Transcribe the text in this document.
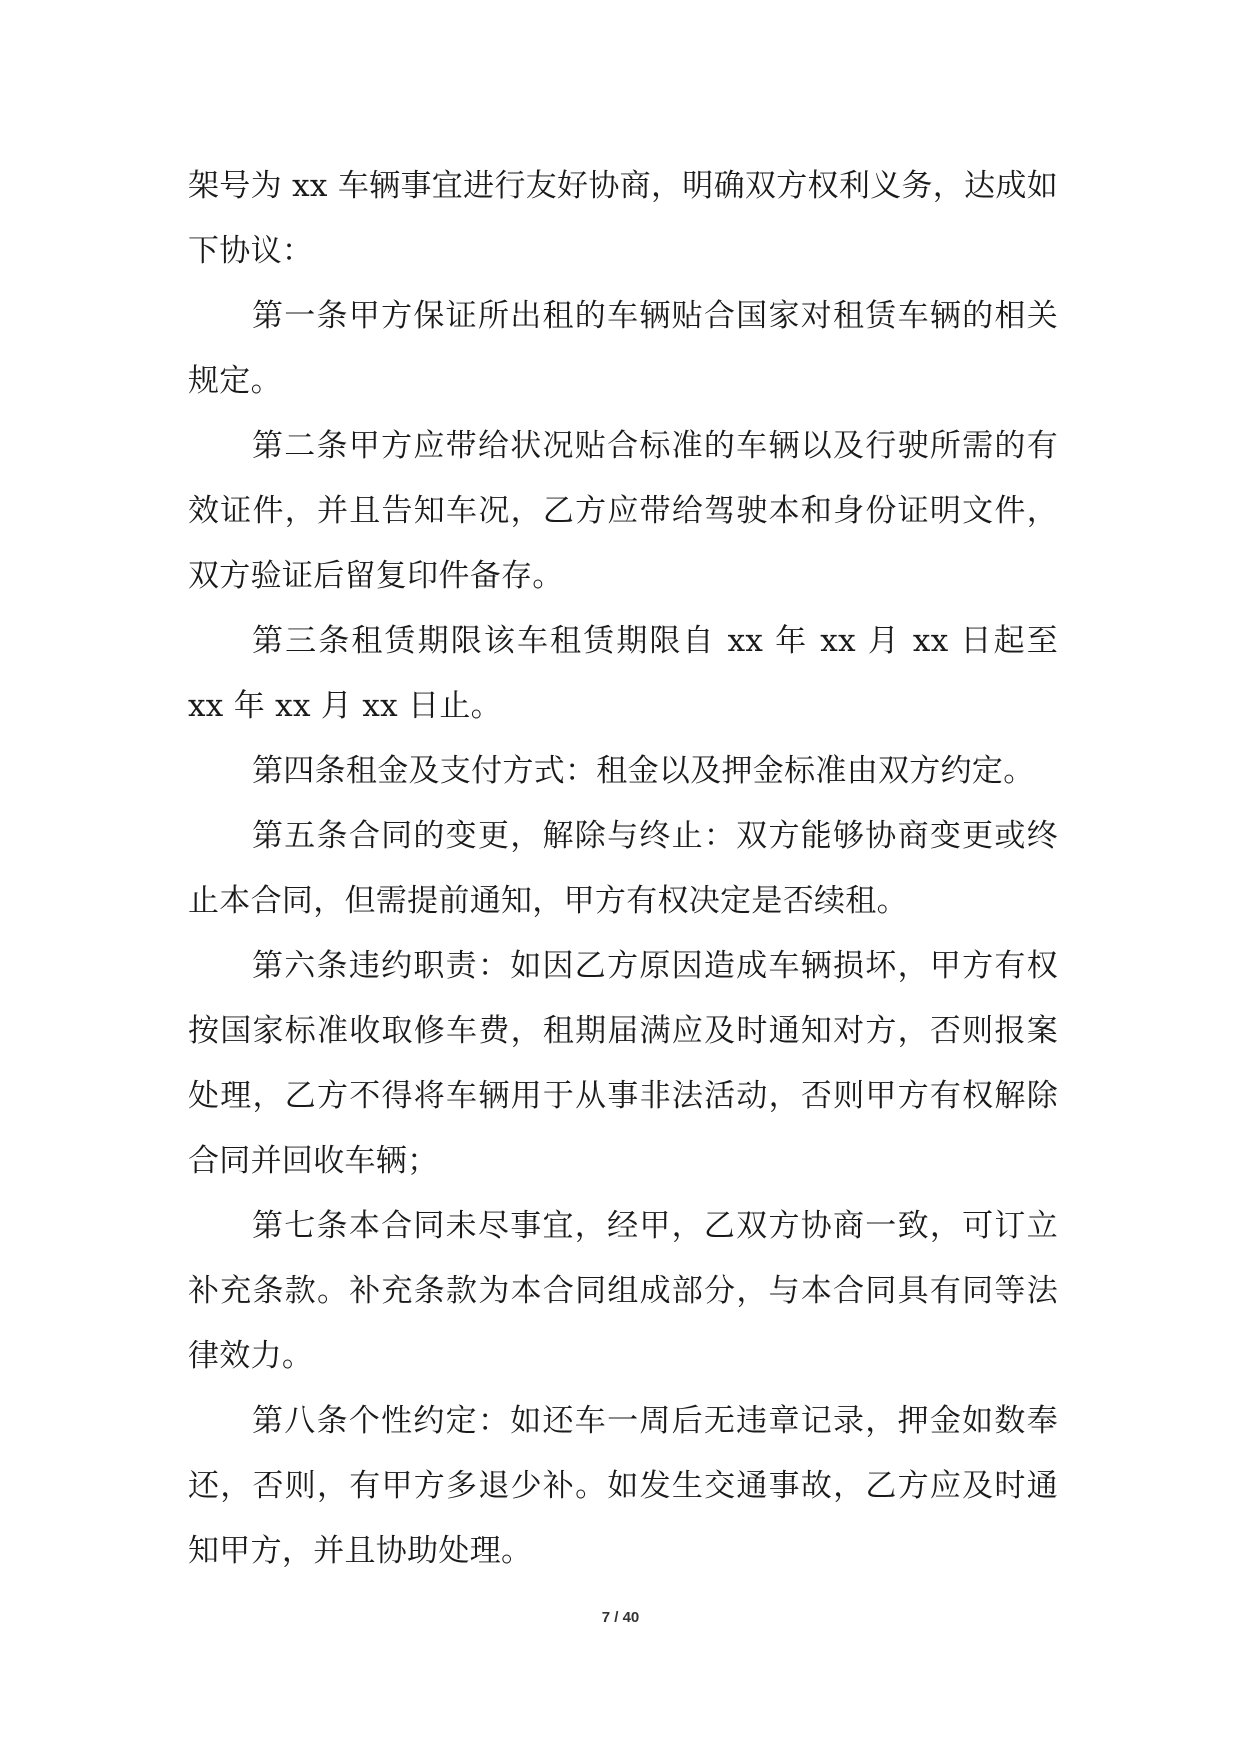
架号为 xx 车辆事宜进行友好协商，明确双方权利义务，达成如下协议：

第一条甲方保证所出租的车辆贴合国家对租赁车辆的相关规定。

第二条甲方应带给状况贴合标准的车辆以及行驶所需的有效证件，并且告知车况，乙方应带给驾驶本和身份证明文件，双方验证后留复印件备存。

第三条租赁期限该车租赁期限自 xx 年 xx 月 xx 日起至 xx 年 xx 月 xx 日止。

第四条租金及支付方式：租金以及押金标准由双方约定。

第五条合同的变更，解除与终止：双方能够协商变更或终止本合同，但需提前通知，甲方有权决定是否续租。

第六条违约职责：如因乙方原因造成车辆损坏，甲方有权按国家标准收取修车费，租期届满应及时通知对方，否则报案处理，乙方不得将车辆用于从事非法活动，否则甲方有权解除合同并回收车辆；

第七条本合同未尽事宜，经甲，乙双方协商一致，可订立补充条款。补充条款为本合同组成部分，与本合同具有同等法律效力。

第八条个性约定：如还车一周后无违章记录，押金如数奉还，否则，有甲方多退少补。如发生交通事故，乙方应及时通知甲方，并且协助处理。

7 / 40
